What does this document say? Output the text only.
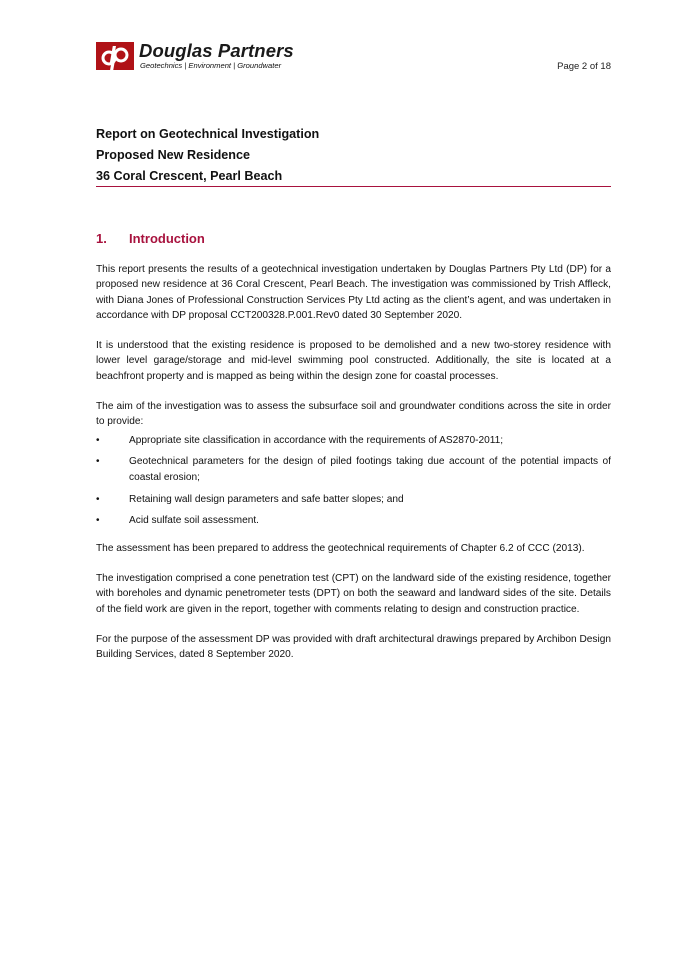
Douglas Partners
Geotechnics | Environment | Groundwater	Page 2 of 18

Report on Geotechnical Investigation

Proposed New Residence

36 Coral Crescent, Pearl Beach

1. Introduction

This report presents the results of a geotechnical investigation undertaken by Douglas Partners Pty Ltd (DP) for a proposed new residence at 36 Coral Crescent, Pearl Beach. The investigation was commissioned by Trish Affleck, with Diana Jones of Professional Construction Services Pty Ltd acting as the client’s agent, and was undertaken in accordance with DP proposal CCT200328.P.001.Rev0 dated 30 September 2020.

It is understood that the existing residence is proposed to be demolished and a new two-storey residence with lower level garage/storage and mid-level swimming pool constructed. Additionally, the site is located at a beachfront property and is mapped as being within the design zone for coastal processes.

The aim of the investigation was to assess the subsurface soil and groundwater conditions across the site in order to provide:

•	Appropriate site classification in accordance with the requirements of AS2870-2011;
•	Geotechnical parameters for the design of piled footings taking due account of the potential impacts of coastal erosion;
•	Retaining wall design parameters and safe batter slopes; and
•	Acid sulfate soil assessment.

The assessment has been prepared to address the geotechnical requirements of Chapter 6.2 of CCC (2013).

The investigation comprised a cone penetration test (CPT) on the landward side of the existing residence, together with boreholes and dynamic penetrometer tests (DPT) on both the seaward and landward sides of the site. Details of the field work are given in the report, together with comments relating to design and construction practice.

For the purpose of the assessment DP was provided with draft architectural drawings prepared by Archibon Design Building Services, dated 8 September 2020.
